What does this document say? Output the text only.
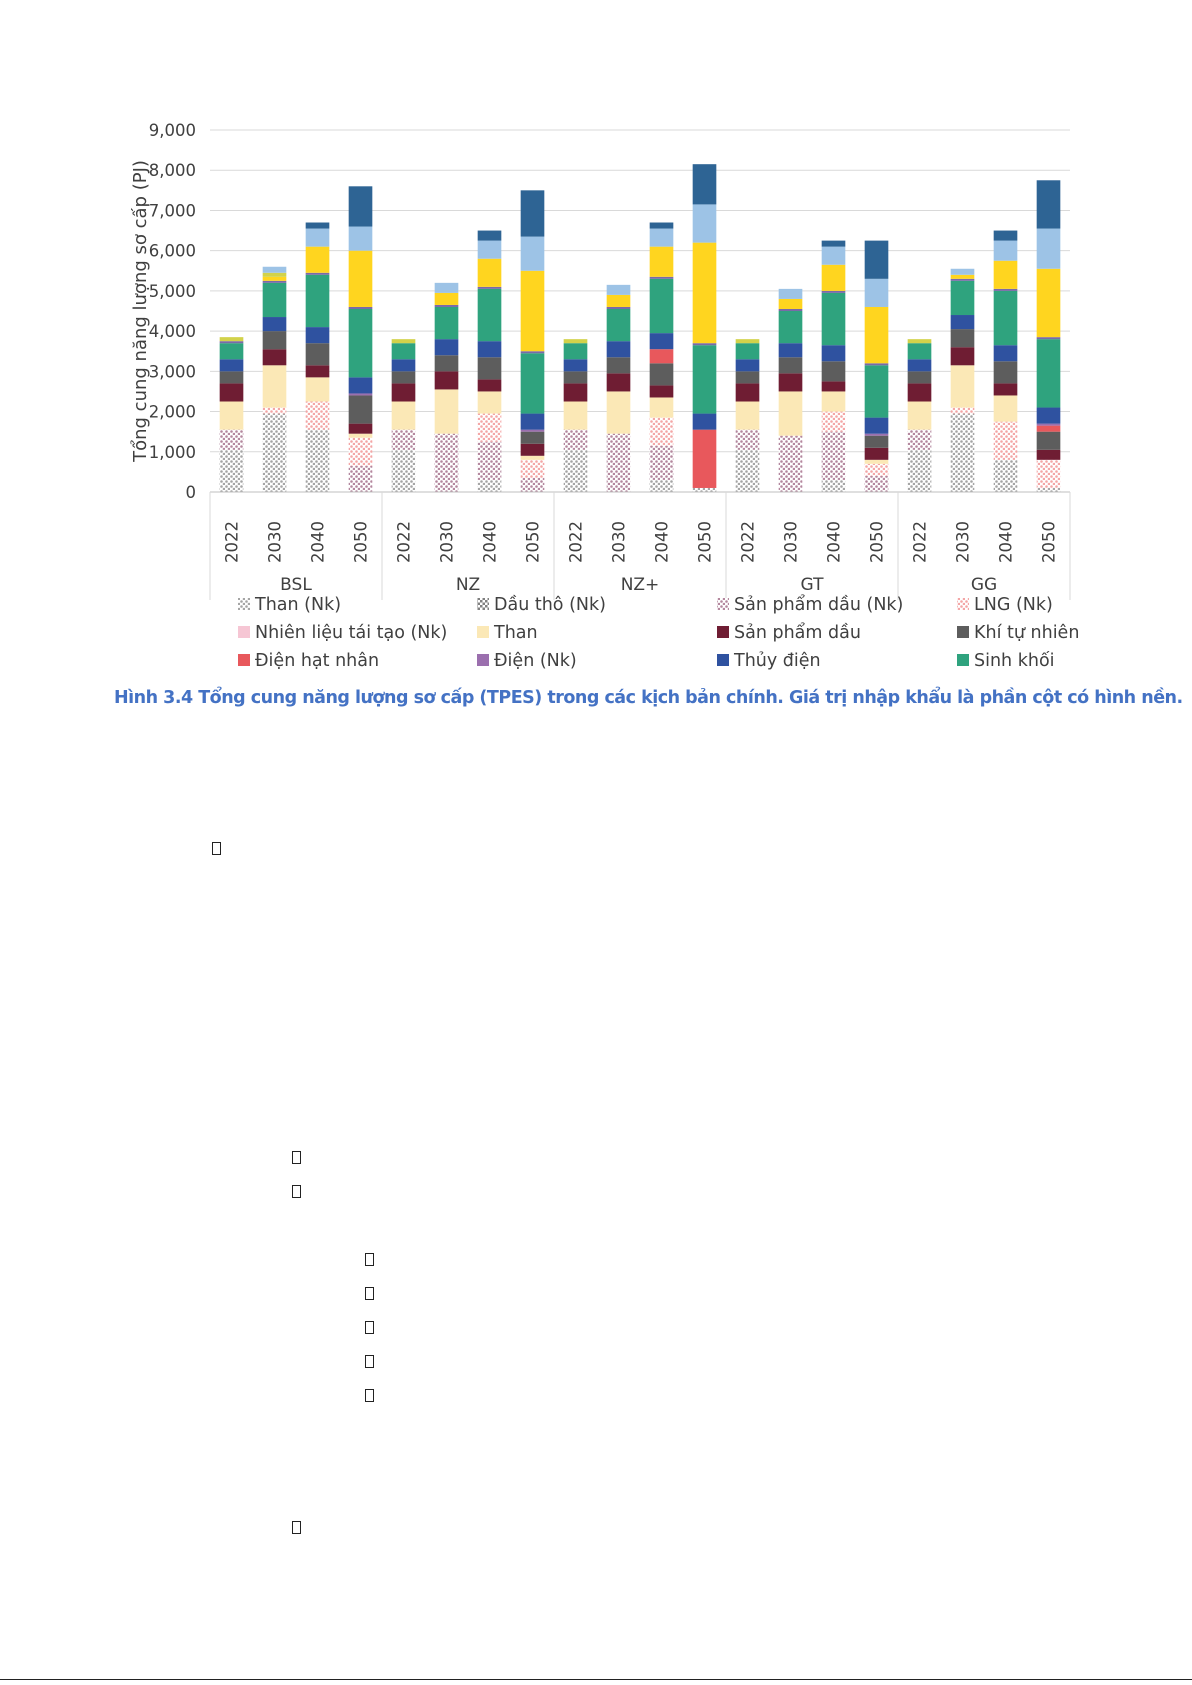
0
1,000
2,000
3,000
4,000
5,000
6,000
7,000
8,000
9,000
2022 2030 2040 2050 2022 2030 2040 2050 2022 2030 2040 2050 2022 2030 2040 2050 2022 2030 2040 2050
BSL	NZ	NZ+	GT	GG
Than (Nk)	Dầu thô (Nk)	Sản phẩm dầu (Nk)	LNG (Nk)
Nhiên liệu tái tạo (Nk)	Than	Sản phẩm dầu	Khí tự nhiên
Điện hạt nhân	Điện (Nk)	Thủy điện	Sinh khối
Tổng cung năng lượng sơ cấp (PJ)
Hình 3.4 Tổng cung năng lượng sơ cấp (TPES) trong các kịch bản chính. Giá trị nhập khẩu là phần cột có hình nền.
